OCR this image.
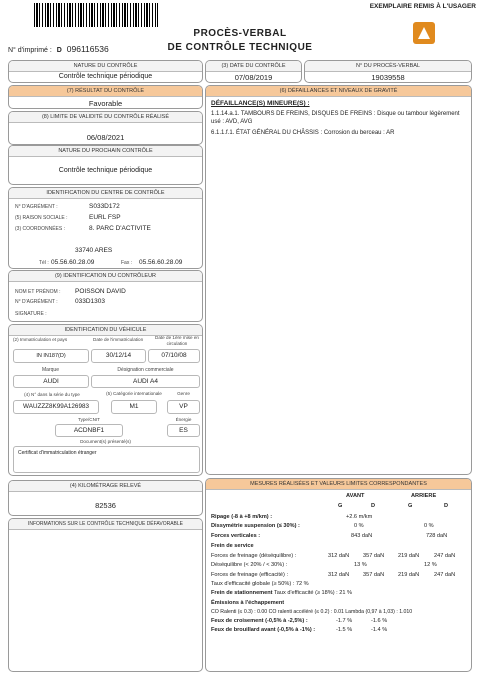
EXEMPLAIRE REMIS À L'USAGER
PROCÈS-VERBAL
DE CONTRÔLE TECHNIQUE
N° d'imprimé : D 096116536
NATURE DU CONTRÔLE
Contrôle technique périodique
(3) DATE DU CONTRÔLE
07/08/2019
N° DU PROCÈS-VERBAL
19039558
(7) RÉSULTAT DU CONTRÔLE
Favorable
(8) LIMITE DE VALIDITÉ DU CONTRÔLE RÉALISÉ
06/08/2021
NATURE DU PROCHAIN CONTRÔLE
Contrôle technique périodique
IDENTIFICATION DU CENTRE DE CONTRÔLE
N° D'AGRÉMENT :	S033D172
(5) RAISON SOCIALE :	EURL FSP
(3) COORDONNÉES :	8. PARC D'ACTIVITE
33740 ARES
Tél : 05.56.60.28.09	Fax : 05.56.60.28.09
(9) IDENTIFICATION DU CONTRÔLEUR
NOM ET PRÉNOM : POISSON DAVID
N° D'AGRÉMENT :	033D1303
SIGNATURE :
IDENTIFICATION DU VÉHICULE
(2) Immatriculation et pays	Date de l'immatriculation	Date de 1ère mise en circulation
IN IN187(D)	30/12/14	07/10/08
Marque	Désignation commerciale
AUDI	AUDI A4
(4) N° dans la série du type	(5) Catégorie internationale	Genre
WAUZZZ8K99A126983	M1	VP
Type/CNIT	Énergie
ACDNBF1	ES
Document(s) présenté(s)
Certificat d'immatriculation étranger
(4) KILOMÉTRAGE RELEVÉ
82536
INFORMATIONS SUR LE CONTRÔLE TECHNIQUE DÉFAVORABLE
(6) DÉFAILLANCES ET NIVEAUX DE GRAVITÉ
DÉFAILLANCE(S) MINEURE(S) :
1.1.14.a.1. TAMBOURS DE FREINS, DISQUES DE FREINS : Disque ou tambour légèrement usé : AVD, AVG
6.1.1.f.1. ÉTAT GÉNÉRAL DU CHÂSSIS : Corrosion du berceau : AR
MESURES RÉALISÉES ET VALEURS LIMITES CORRESPONDANTES
AVANT	ARRIERE
G	D	G	D
Ripage (-8 à +8 m/km) :	+2.6 m/km
Dissymétrie suspension (≤ 30%) :	0 %	0 %
Forces verticales :	843 daN	728 daN
Frein de service
Forces de freinage (déséquilibre) :	312 daN 357 daN 219 daN	247 daN
Déséquilibre (< 20% / < 30%) :	13 %	12 %
Forces de freinage (efficacité) :	312 daN 357 daN 219 daN	247 daN
Taux d'efficacité globale (≥ 50%) : 72 %
Frein de stationnement Taux d'efficacité (≥ 18%) : 21 %
Émissions à l'échappement
CO Ralenti (≤ 0.3) : 0.00 CO ralenti accéléré (≤ 0.2) : 0.01 Lambda (0,97 à 1,03) : 1.010
Feux de croisement (-0,5% à -2,5%) :	-1.7 %	-1.6 %
Feux de brouillard avant (-0,5% à -1%) :	-1.5 %	-1.4 %
